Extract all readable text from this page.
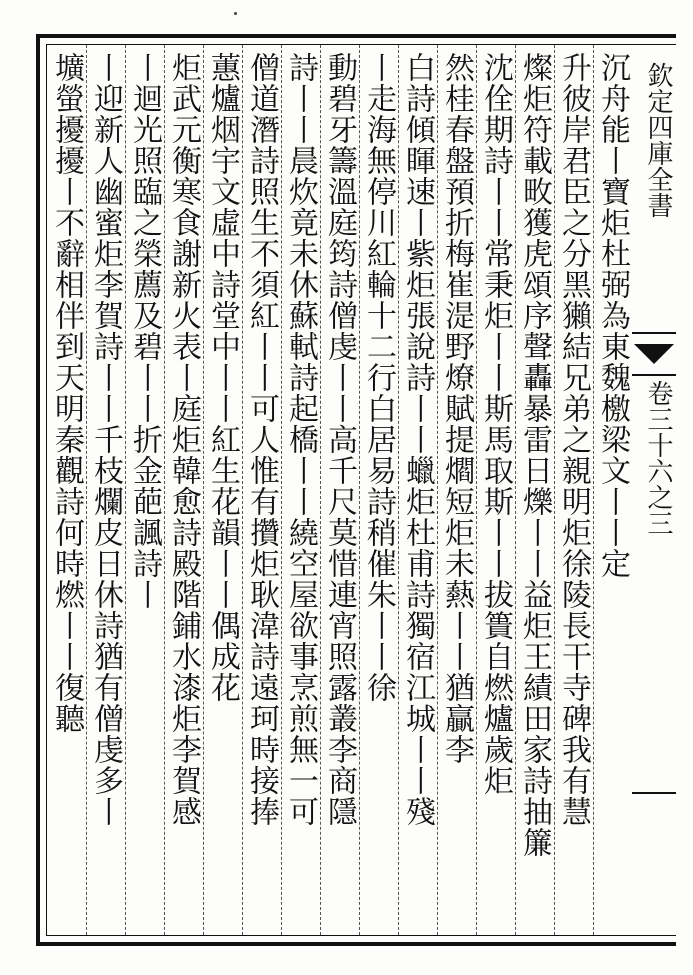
欽定四庫全書
卷三十六之三
沉舟能丨寶炬杜弼為東魏檄梁文丨丨定
升彼岸君臣之分黑獺結兄弟之親明炬徐陵長干寺碑我有慧
燦炬符載畋獲虎頌序聲轟暴雷日爍丨丨益炬王績田家詩抽簾
沈佺期詩丨丨常秉炬丨丨斯馬取斯丨丨拔簣自燃爐歲炬
然桂春盤預折梅崔湜野燎賦提爓短炬未爇丨丨猶贏李
白詩傾睴速丨紫炬張說詩丨丨蠟炬杜甫詩獨宿江城丨丨殘
丨走海無停川紅輪十二行白居易詩稍催朱丨丨徐
動碧牙籌溫庭筠詩僧虔丨丨高千尺莫惜連宵照露叢李商隱
詩丨丨晨炊竟未休蘇軾詩起橋丨丨繞空屋欲事烹煎無一可
僧道潛詩照生不須紅丨丨可人惟有攢炬耿湋詩遠珂時接捧
蕙爐烟宇文虛中詩堂中丨丨紅生花韻丨丨偶成花
炬武元衡寒食謝新火表丨庭炬韓愈詩殿階鋪水漆炬李賀感
丨迴光照臨之榮薦及碧丨丨折金葩諷詩丨
丨迎新人幽蜜炬李賀詩丨丨千枝爛皮日休詩猶有僧虔多丨
壙螢擾擾丨不辭相伴到天明秦觀詩何時燃丨丨復聽
